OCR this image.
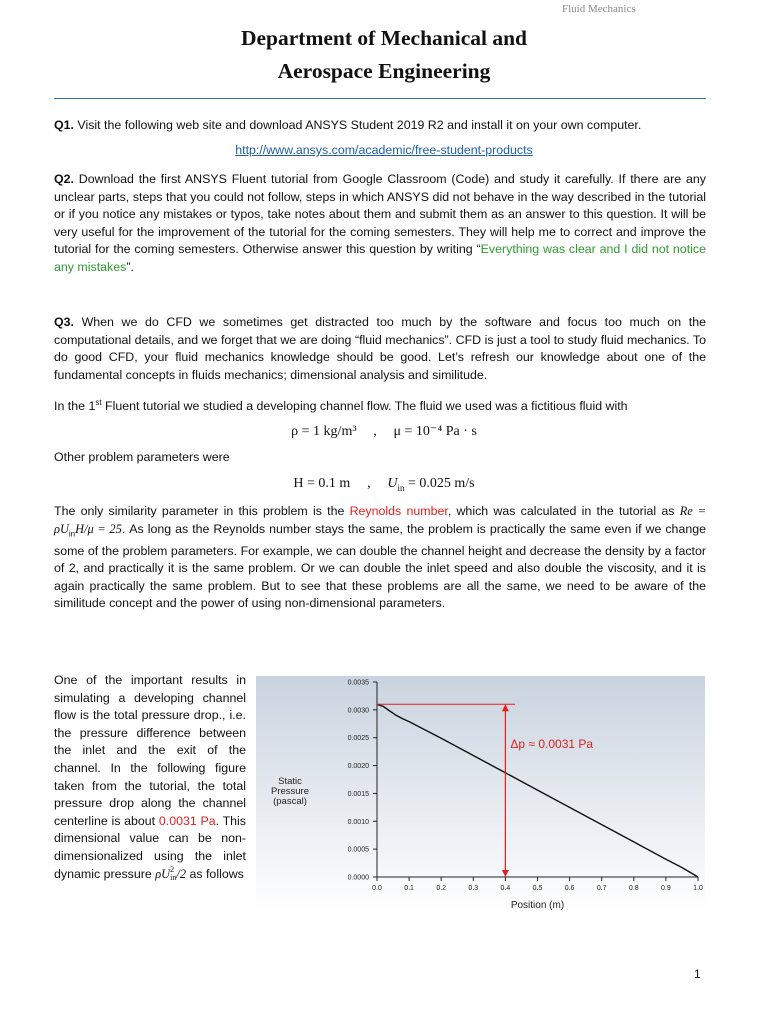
Fluid Mechanics
Department of Mechanical and
Aerospace Engineering
Q1. Visit the following web site and download ANSYS Student 2019 R2 and install it on your own computer.
http://www.ansys.com/academic/free-student-products
Q2. Download the first ANSYS Fluent tutorial from Google Classroom (Code) and study it carefully. If there are any unclear parts, steps that you could not follow, steps in which ANSYS did not behave in the way described in the tutorial or if you notice any mistakes or typos, take notes about them and submit them as an answer to this question. It will be very useful for the improvement of the tutorial for the coming semesters. They will help me to correct and improve the tutorial for the coming semesters. Otherwise answer this question by writing “Everything was clear and I did not notice any mistakes”.
Q3. When we do CFD we sometimes get distracted too much by the software and focus too much on the computational details, and we forget that we are doing “fluid mechanics”. CFD is just a tool to study fluid mechanics. To do good CFD, your fluid mechanics knowledge should be good. Let’s refresh our knowledge about one of the fundamental concepts in fluids mechanics; dimensional analysis and similitude.
In the 1st Fluent tutorial we studied a developing channel flow. The fluid we used was a fictitious fluid with
ρ = 1 kg/m³ , μ = 10⁻⁴ Pa · s
Other problem parameters were
H = 0.1 m , $U_{in} = 0.025$ m/s
The only similarity parameter in this problem is the Reynolds number, which was calculated in the tutorial as $Re = \rho U_{in}H/\mu = 25$. As long as the Reynolds number stays the same, the problem is practically the same even if we change some of the problem parameters. For example, we can double the channel height and decrease the density by a factor of 2, and practically it is the same problem. Or we can double the inlet speed and also double the viscosity, and it is again practically the same problem. But to see that these problems are all the same, we need to be aware of the similitude concept and the power of using non-dimensional parameters.
One of the important results in simulating a developing channel flow is the total pressure drop., i.e. the pressure difference between the inlet and the exit of the channel. In the following figure taken from the tutorial, the total pressure drop along the channel centerline is about 0.0031 Pa. This dimensional value can be non-dimensionalized using the inlet dynamic pressure ρU 2
in /2 as follows	0.0000
0.0005
0.0010
0.0015
0.0020
0.0025
0.0030
0.0035
0.0	0.1	0.2	0.3	0.4	0.5	0.6	0.7	0.8	0.9	1.0
Position (m)
Static
Pressure
(pascal)
Δp ≈ 0.0031 Pa
1
